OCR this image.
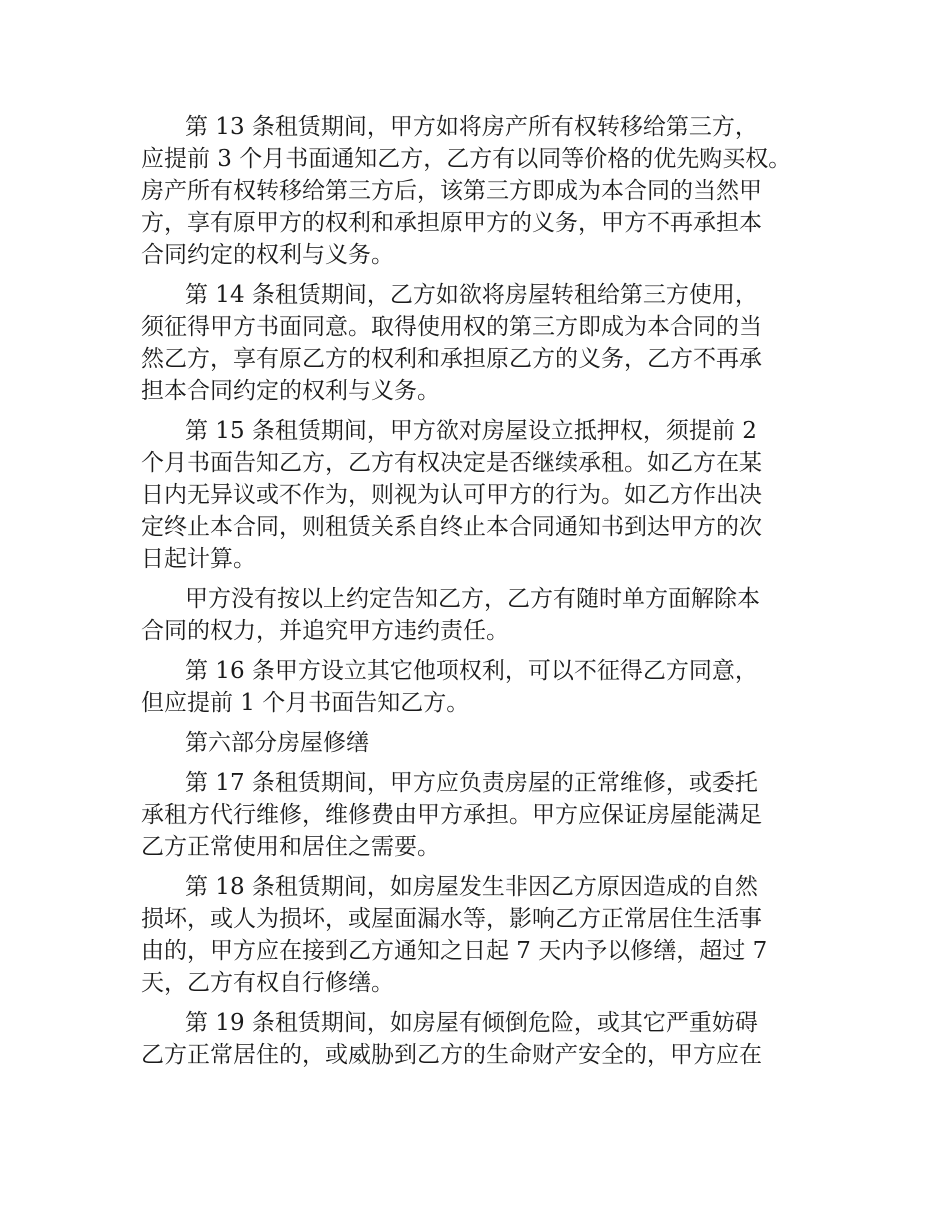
第 13 条租赁期间，甲方如将房产所有权转移给第三方，
应提前 3 个月书面通知乙方，乙方有以同等价格的优先购买权。
房产所有权转移给第三方后，该第三方即成为本合同的当然甲
方，享有原甲方的权利和承担原甲方的义务，甲方不再承担本
合同约定的权利与义务。

第 14 条租赁期间，乙方如欲将房屋转租给第三方使用，
须征得甲方书面同意。取得使用权的第三方即成为本合同的当
然乙方，享有原乙方的权利和承担原乙方的义务，乙方不再承
担本合同约定的权利与义务。

第 15 条租赁期间，甲方欲对房屋设立抵押权，须提前 2
个月书面告知乙方，乙方有权决定是否继续承租。如乙方在某
日内无异议或不作为，则视为认可甲方的行为。如乙方作出决
定终止本合同，则租赁关系自终止本合同通知书到达甲方的次
日起计算。

甲方没有按以上约定告知乙方，乙方有随时单方面解除本
合同的权力，并追究甲方违约责任。

第 16 条甲方设立其它他项权利，可以不征得乙方同意，
但应提前 1 个月书面告知乙方。

第六部分房屋修缮

第 17 条租赁期间，甲方应负责房屋的正常维修，或委托
承租方代行维修，维修费由甲方承担。甲方应保证房屋能满足
乙方正常使用和居住之需要。

第 18 条租赁期间，如房屋发生非因乙方原因造成的自然
损坏，或人为损坏，或屋面漏水等，影响乙方正常居住生活事
由的，甲方应在接到乙方通知之日起 7 天内予以修缮，超过 7
天，乙方有权自行修缮。

第 19 条租赁期间，如房屋有倾倒危险，或其它严重妨碍
乙方正常居住的，或威胁到乙方的生命财产安全的，甲方应在
